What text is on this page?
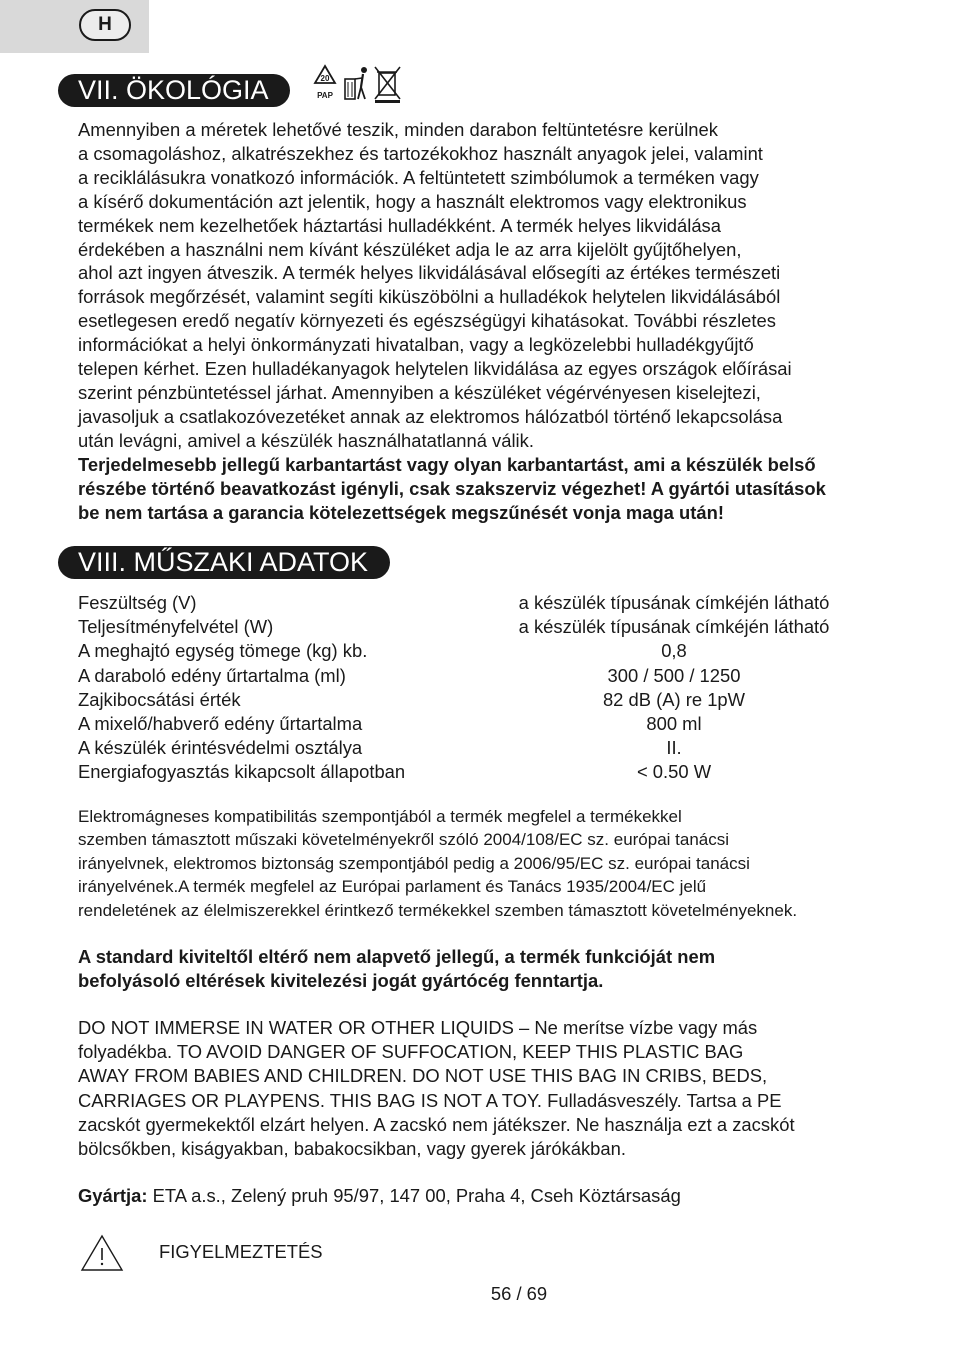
H
VII. ÖKOLÓGIA	20
PAP
Amennyiben a méretek lehetővé teszik, minden darabon feltüntetésre kerülnek
a csomagoláshoz, alkatrészekhez és tartozékokhoz használt anyagok jelei, valamint
a reciklálásukra vonatkozó információk. A feltüntetett szimbólumok a terméken vagy
a kísérő dokumentáción azt jelentik, hogy a használt elektromos vagy elektronikus
termékek nem kezelhetőek háztartási hulladékként. A termék helyes likvidálása
érdekében a használni nem kívánt készüléket adja le az arra kijelölt gyűjtőhelyen,
ahol azt ingyen átveszik. A termék helyes likvidálásával elősegíti az értékes természeti
források megőrzését, valamint segíti kiküszöbölni a hulladékok helytelen likvidálásából
esetlegesen eredő negatív környezeti és egészségügyi kihatásokat. További részletes
információkat a helyi önkormányzati hivatalban, vagy a legközelebbi hulladékgyűjtő
telepen kérhet. Ezen hulladékanyagok helytelen likvidálása az egyes országok előírásai
szerint pénzbüntetéssel járhat. Amennyiben a készüléket végérvényesen kiselejtezi,
javasoljuk a csatlakozóvezetéket annak az elektromos hálózatból történő lekapcsolása
után levágni, amivel a készülék használhatatlanná válik.
Terjedelmesebb jellegű karbantartást vagy olyan karbantartást, ami a készülék belső
részébe történő beavatkozást igényli, csak szakszerviz végezhet! A gyártói utasítások
be nem tartása a garancia kötelezettségek megszűnését vonja maga után!
VIII. MŰSZAKI ADATOK
Feszültség (V)	a készülék típusának címkéjén látható
Teljesítményfelvétel (W)	a készülék típusának címkéjén látható
A meghajtó egység tömege (kg) kb.	0,8
A daraboló edény űrtartalma (ml)	300 / 500 / 1250
Zajkibocsátási érték	82 dB (A) re 1pW
A mixelő/habverő edény űrtartalma	800 ml
A készülék érintésvédelmi osztálya	II.
Energiafogyasztás kikapcsolt állapotban	< 0.50 W
Elektromágneses kompatibilitás szempontjából a termék megfelel a termékekkel
szemben támasztott műszaki követelményekről szóló 2004/108/EC sz. európai tanácsi
irányelvnek, elektromos biztonság szempontjából pedig a 2006/95/EC sz. európai tanácsi
irányelvének.A termék megfelel az Európai parlament és Tanács 1935/2004/EC jelű
rendeletének az élelmiszerekkel érintkező termékekkel szemben támasztott követelményeknek.
A standard kiviteltől eltérő nem alapvető jellegű, a termék funkcióját nem
befolyásoló eltérések kivitelezési jogát gyártócég fenntartja.
DO NOT IMMERSE IN WATER OR OTHER LIQUIDS – Ne merítse vízbe vagy más
folyadékba. TO AVOID DANGER OF SUFFOCATION, KEEP THIS PLASTIC BAG
AWAY FROM BABIES AND CHILDREN. DO NOT USE THIS BAG IN CRIBS, BEDS,
CARRIAGES OR PLAYPENS. THIS BAG IS NOT A TOY. Fulladásveszély. Tartsa a PE
zacskót gyermekektől elzárt helyen. A zacskó nem játékszer. Ne használja ezt a zacskót
bölcsőkben, kiságyakban, babakocsikban, vagy gyerek járókákban.
Gyártja: ETA a.s., Zelený pruh 95/97, 147 00, Praha 4, Cseh Köztársaság
FIGYELMEZTETÉS
56 / 69
